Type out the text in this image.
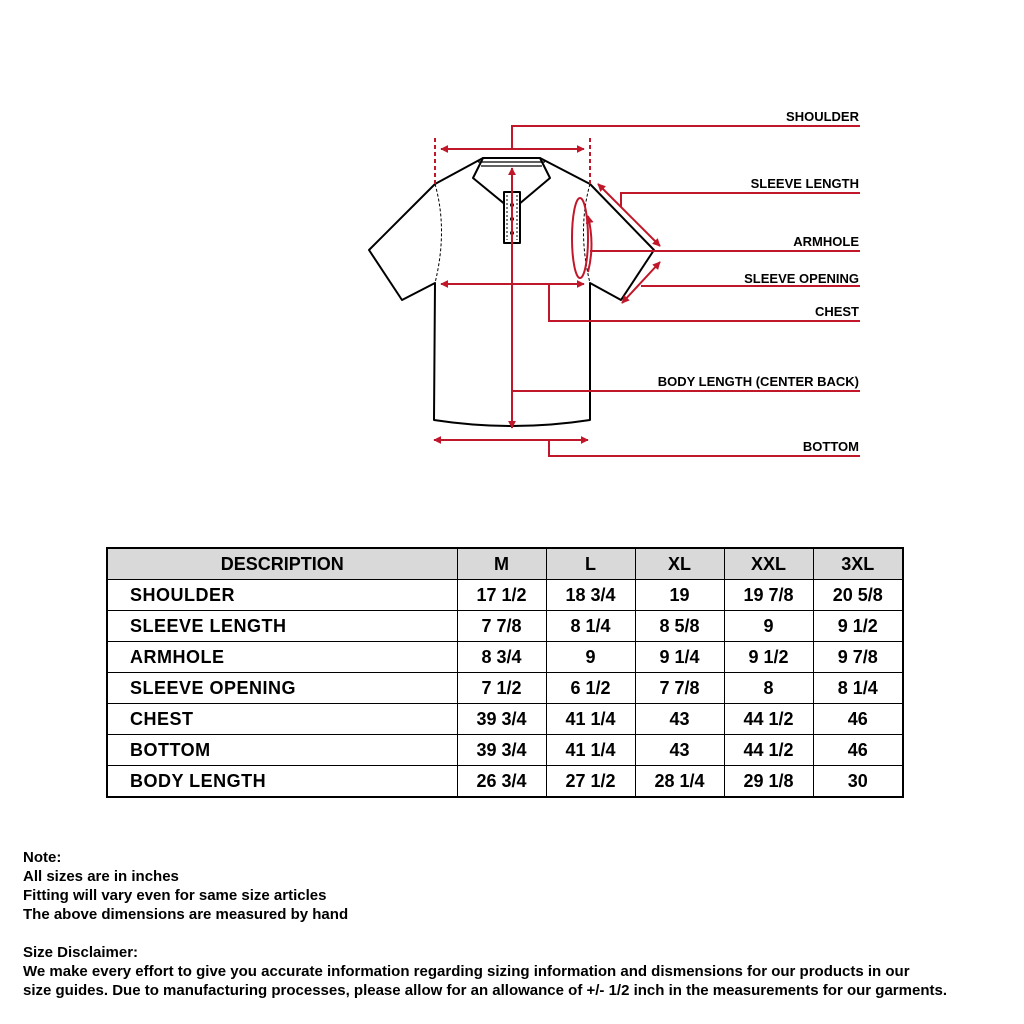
SHOULDER
SLEEVE LENGTH
ARMHOLE
SLEEVE OPENING
CHEST
BODY LENGTH (CENTER BACK)
BOTTOM
DESCRIPTION	M	L	XL	XXL	3XL
SHOULDER	17 1/2	18 3/4	19	19 7/8	20 5/8
SLEEVE LENGTH	7 7/8	8 1/4	8 5/8	9	9 1/2
ARMHOLE	8 3/4	9	9 1/4	9 1/2	9 7/8
SLEEVE OPENING	7 1/2	6 1/2	7 7/8	8	8 1/4
CHEST	39 3/4	41 1/4	43	44 1/2	46
BOTTOM	39 3/4	41 1/4	43	44 1/2	46
BODY LENGTH	26 3/4	27 1/2	28 1/4	29 1/8	30

Note:

All sizes are in inches

Fitting will vary even for same size articles

The above dimensions are measured by hand

Size Disclaimer:

We make every effort to give you accurate information regarding sizing information and dismensions for our products in our

size guides. Due to manufacturing processes, please allow for an allowance of +/- 1/2 inch in the measurements for our garments.
